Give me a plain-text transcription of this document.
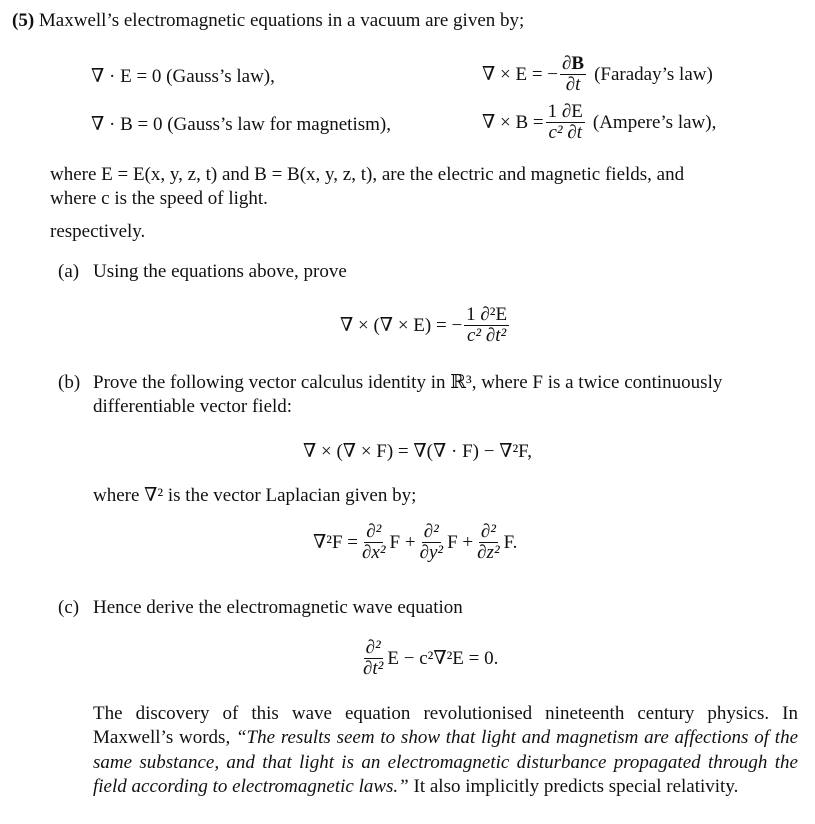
(5) Maxwell’s electromagnetic equations in a vacuum are given by;
∇ · E = 0 (Gauss’s law),
∇ · B = 0 (Gauss’s law for magnetism),
∇ × E = − $\frac{\partial B}{\partial t}$ (Faraday’s law)
∇ × $B = \frac{1 \partial E}{\text{c² ∂t}}$ (Ampere’s law),
where E = E(x, y, z, t) and B = B(x, y, z, t), are the electric and magnetic fields, and
where c is the speed of light.
respectively.
(a) Using the equations above, prove
∇ × (∇ × E) = − $\frac{\text{1 ∂²E}}{\text{c² ∂t²}}$
(b) Prove the following vector calculus identity in ℝ³, where F is a twice continuously
differentiable vector field:
∇ × (∇ × F) = ∇(∇ · F) − ∇²F,
where ∇² is the vector Laplacian given by;
$\nabla^2F = \frac{\text{∂²}}{\text{∂x²}}$ $F + \frac{\text{∂²}}{\text{∂y²}}$ $F + \frac{\text{∂²}}{\text{∂z²}} F$.
(c) Hence derive the electromagnetic wave equation
$\frac{\text{∂²}}{\text{∂t²}}$ E − c²∇²E = 0.
The discovery of this wave equation revolutionised nineteenth century physics. In Maxwell’s words, “The results seem to show that light and magnetism are affections of the same substance, and that light is an electromagnetic disturbance propagated through the field according to electromagnetic laws.” It also implicitly predicts special relativity.
